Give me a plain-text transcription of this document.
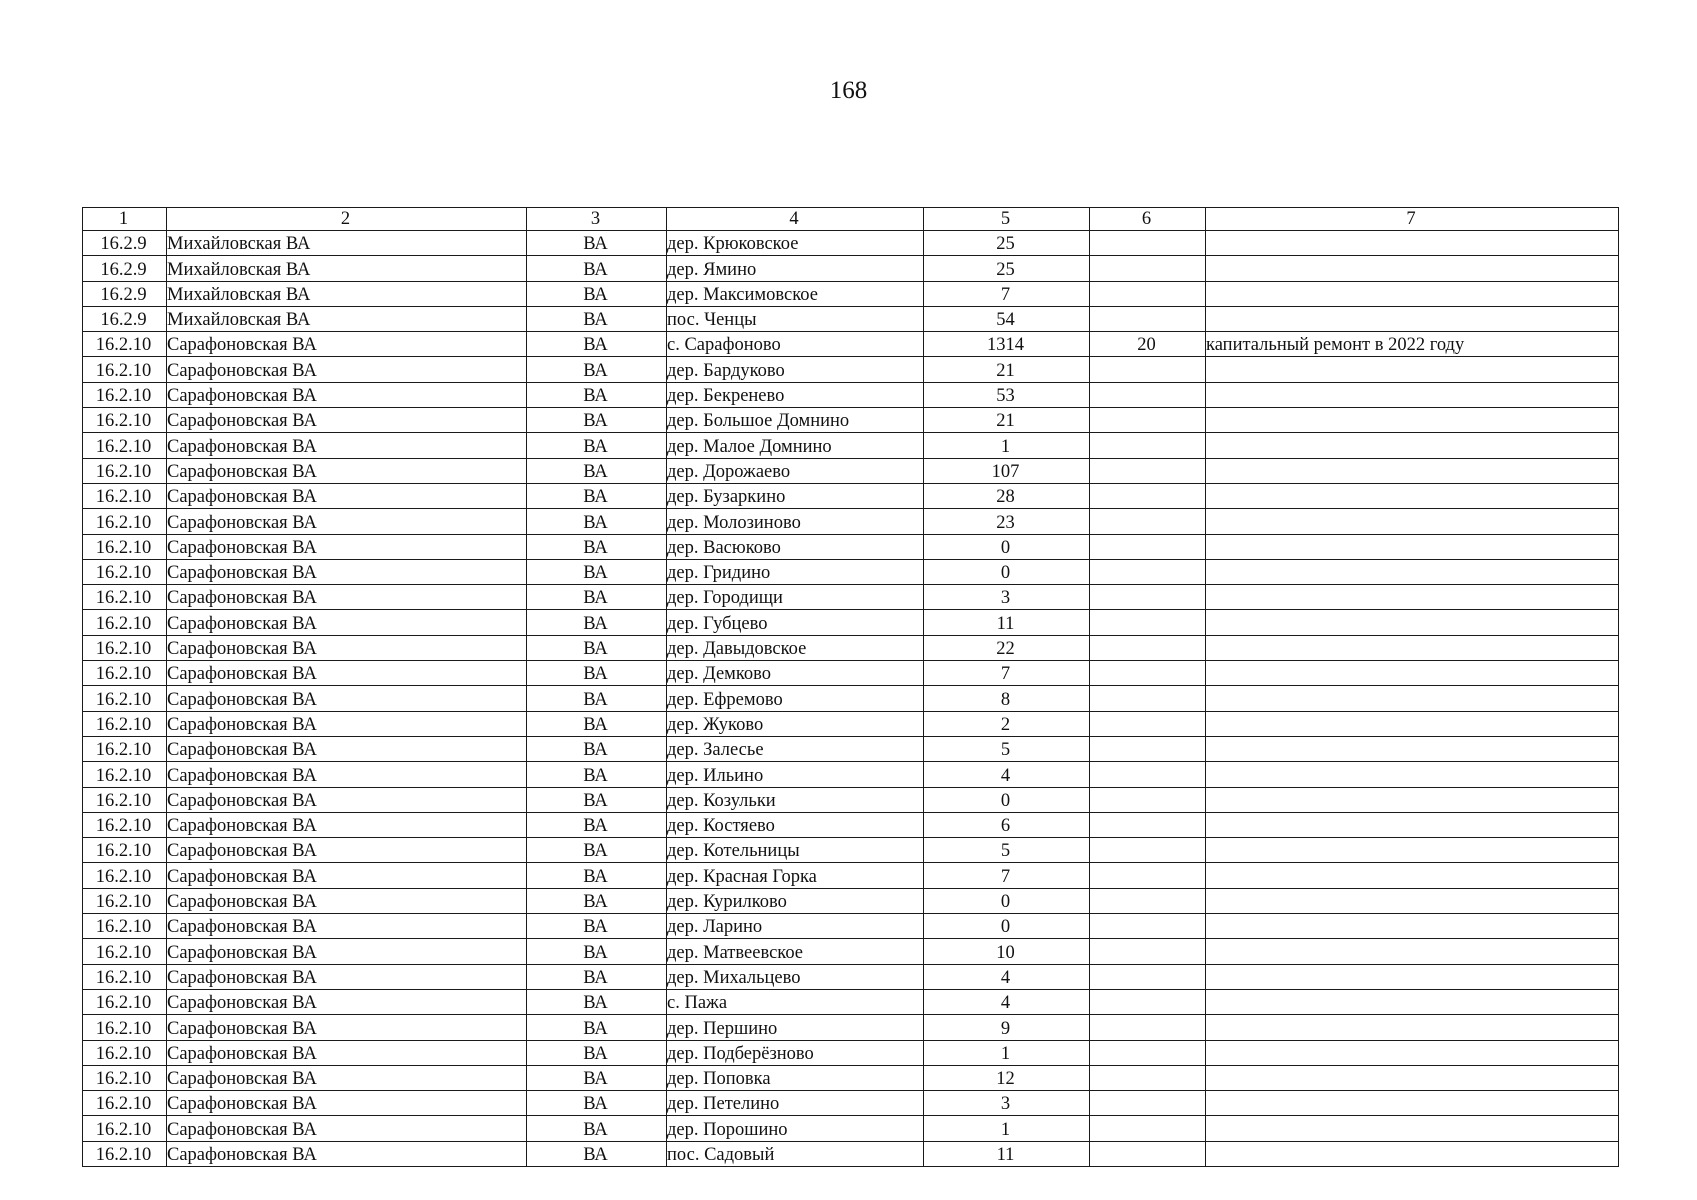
168
1	2	3	4	5	6	7
16.2.9	Михайловская ВА	ВА	дер. Крюковское	25		
16.2.9	Михайловская ВА	ВА	дер. Ямино	25		
16.2.9	Михайловская ВА	ВА	дер. Максимовское	7		
16.2.9	Михайловская ВА	ВА	пос. Ченцы	54		
16.2.10	Сарафоновская ВА	ВА	с. Сарафоново	1314	20	капитальный ремонт в 2022 году
16.2.10	Сарафоновская ВА	ВА	дер. Бардуково	21		
16.2.10	Сарафоновская ВА	ВА	дер. Бекренево	53		
16.2.10	Сарафоновская ВА	ВА	дер. Большое Домнино	21		
16.2.10	Сарафоновская ВА	ВА	дер. Малое Домнино	1		
16.2.10	Сарафоновская ВА	ВА	дер. Дорожаево	107		
16.2.10	Сарафоновская ВА	ВА	дер. Бузаркино	28		
16.2.10	Сарафоновская ВА	ВА	дер. Молозиново	23		
16.2.10	Сарафоновская ВА	ВА	дер. Васюково	0		
16.2.10	Сарафоновская ВА	ВА	дер. Гридино	0		
16.2.10	Сарафоновская ВА	ВА	дер. Городищи	3		
16.2.10	Сарафоновская ВА	ВА	дер. Губцево	11		
16.2.10	Сарафоновская ВА	ВА	дер. Давыдовское	22		
16.2.10	Сарафоновская ВА	ВА	дер. Демково	7		
16.2.10	Сарафоновская ВА	ВА	дер. Ефремово	8		
16.2.10	Сарафоновская ВА	ВА	дер. Жуково	2		
16.2.10	Сарафоновская ВА	ВА	дер. Залесье	5		
16.2.10	Сарафоновская ВА	ВА	дер. Ильино	4		
16.2.10	Сарафоновская ВА	ВА	дер. Козульки	0		
16.2.10	Сарафоновская ВА	ВА	дер. Костяево	6		
16.2.10	Сарафоновская ВА	ВА	дер. Котельницы	5		
16.2.10	Сарафоновская ВА	ВА	дер. Красная Горка	7		
16.2.10	Сарафоновская ВА	ВА	дер. Курилково	0		
16.2.10	Сарафоновская ВА	ВА	дер. Ларино	0		
16.2.10	Сарафоновская ВА	ВА	дер. Матвеевское	10		
16.2.10	Сарафоновская ВА	ВА	дер. Михальцево	4		
16.2.10	Сарафоновская ВА	ВА	с. Пажа	4		
16.2.10	Сарафоновская ВА	ВА	дер. Першино	9		
16.2.10	Сарафоновская ВА	ВА	дер. Подберёзново	1		
16.2.10	Сарафоновская ВА	ВА	дер. Поповка	12		
16.2.10	Сарафоновская ВА	ВА	дер. Петелино	3		
16.2.10	Сарафоновская ВА	ВА	дер. Порошино	1		
16.2.10	Сарафоновская ВА	ВА	пос. Садовый	11		
